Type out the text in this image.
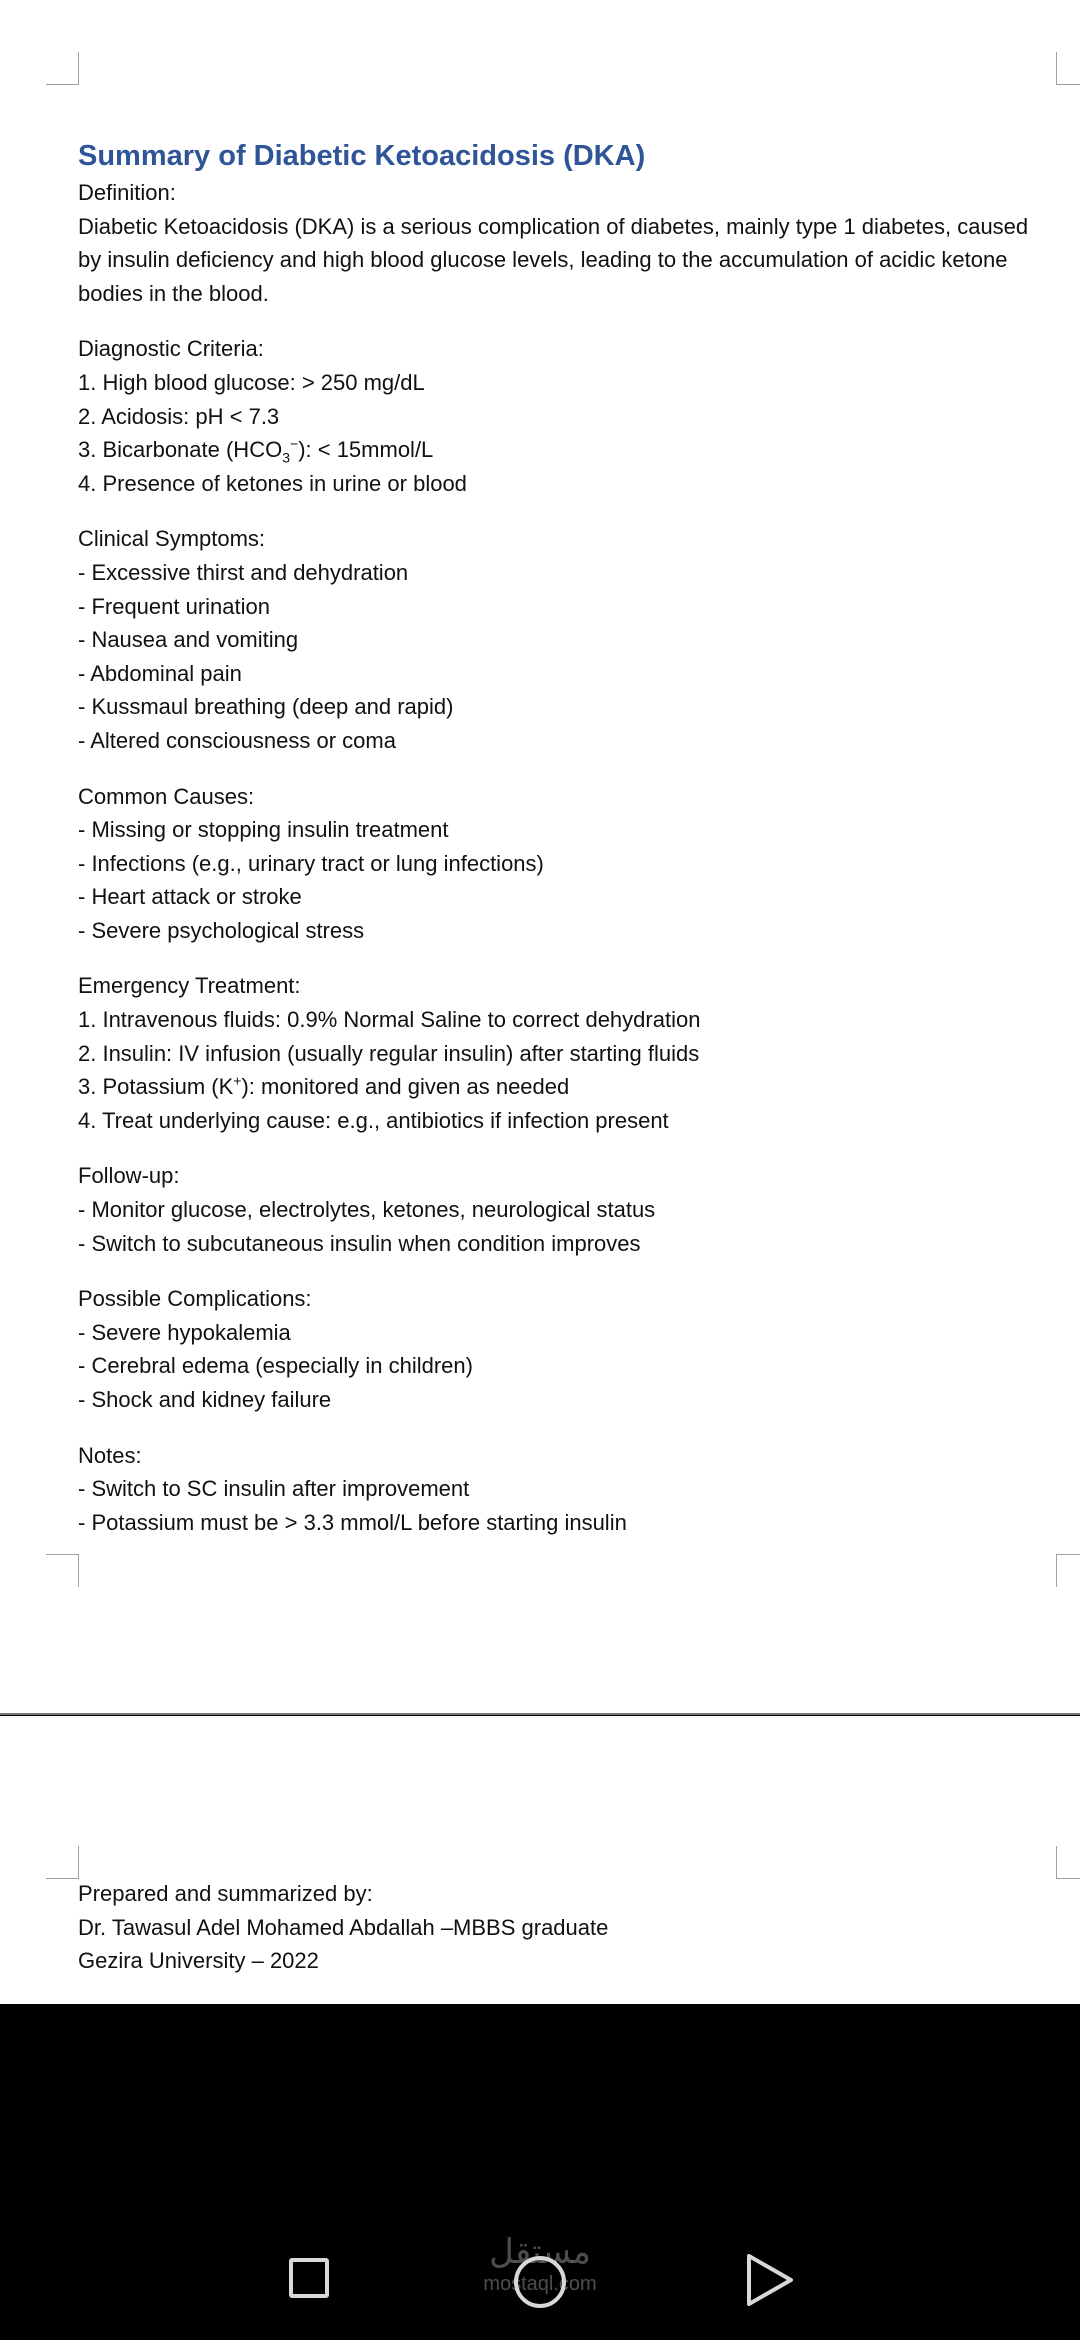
Summary of Diabetic Ketoacidosis (DKA)
Definition:
Diabetic Ketoacidosis (DKA) is a serious complication of diabetes, mainly type 1 diabetes, caused
by insulin deficiency and high blood glucose levels, leading to the accumulation of acidic ketone
bodies in the blood.
Diagnostic Criteria:
1. High blood glucose: > 250 mg/dL
2. Acidosis: pH < 7.3
3. Bicarbonate $(HCO_3^-)$: < 15mmol/L
4. Presence of ketones in urine or blood
Clinical Symptoms:
- Excessive thirst and dehydration
- Frequent urination
- Nausea and vomiting
- Abdominal pain
- Kussmaul breathing (deep and rapid)
- Altered consciousness or coma
Common Causes:
- Missing or stopping insulin treatment
- Infections (e.g., urinary tract or lung infections)
- Heart attack or stroke
- Severe psychological stress
Emergency Treatment:
1. Intravenous fluids: 0.9% Normal Saline to correct dehydration
2. Insulin: IV infusion (usually regular insulin) after starting fluids
3. Potassium (K+): monitored and given as needed
4. Treat underlying cause: e.g., antibiotics if infection present
Follow-up:
- Monitor glucose, electrolytes, ketones, neurological status
- Switch to subcutaneous insulin when condition improves
Possible Complications:
- Severe hypokalemia
- Cerebral edema (especially in children)
- Shock and kidney failure
Notes:
- Switch to SC insulin after improvement
- Potassium must be > 3.3 mmol/L before starting insulin
Prepared and summarized by:
Dr. Tawasul Adel Mohamed Abdallah –MBBS graduate
Gezira University – 2022
مستقل
mostaql.com
